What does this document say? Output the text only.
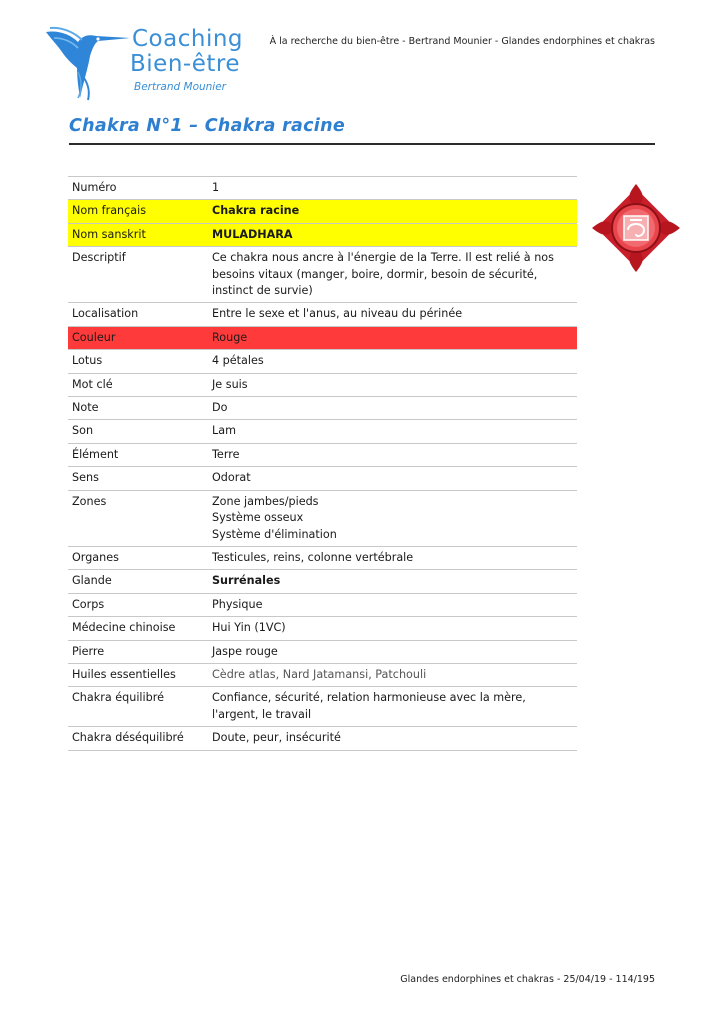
Coaching
Bien-être
Bertrand Mounier
À la recherche du bien-être - Bertrand Mounier - Glandes endorphines et chakras
Chakra N°1 – Chakra racine
Numéro	1
Nom français	Chakra racine
Nom sanskrit	MULADHARA
Descriptif	Ce chakra nous ancre à l'énergie de la Terre. Il est relié à nos besoins vitaux (manger, boire, dormir, besoin de sécurité, instinct de survie)
Localisation	Entre le sexe et l'anus, au niveau du périnée
Couleur	Rouge
Lotus	4 pétales
Mot clé	Je suis
Note	Do
Son	Lam
Élément	Terre
Sens	Odorat
Zones	Zone jambes/pieds
Système osseux
Système d'élimination

Organes	Testicules, reins, colonne vertébrale
Glande	Surrénales
Corps	Physique
Médecine chinoise	Hui Yin (1VC)
Pierre	Jaspe rouge
Huiles essentielles	Cèdre atlas, Nard Jatamansi, Patchouli
Chakra équilibré	Confiance, sécurité, relation harmonieuse avec la mère, l'argent, le travail
Chakra déséquilibré	Doute, peur, insécurité
Glandes endorphines et chakras - 25/04/19 - 114/195
